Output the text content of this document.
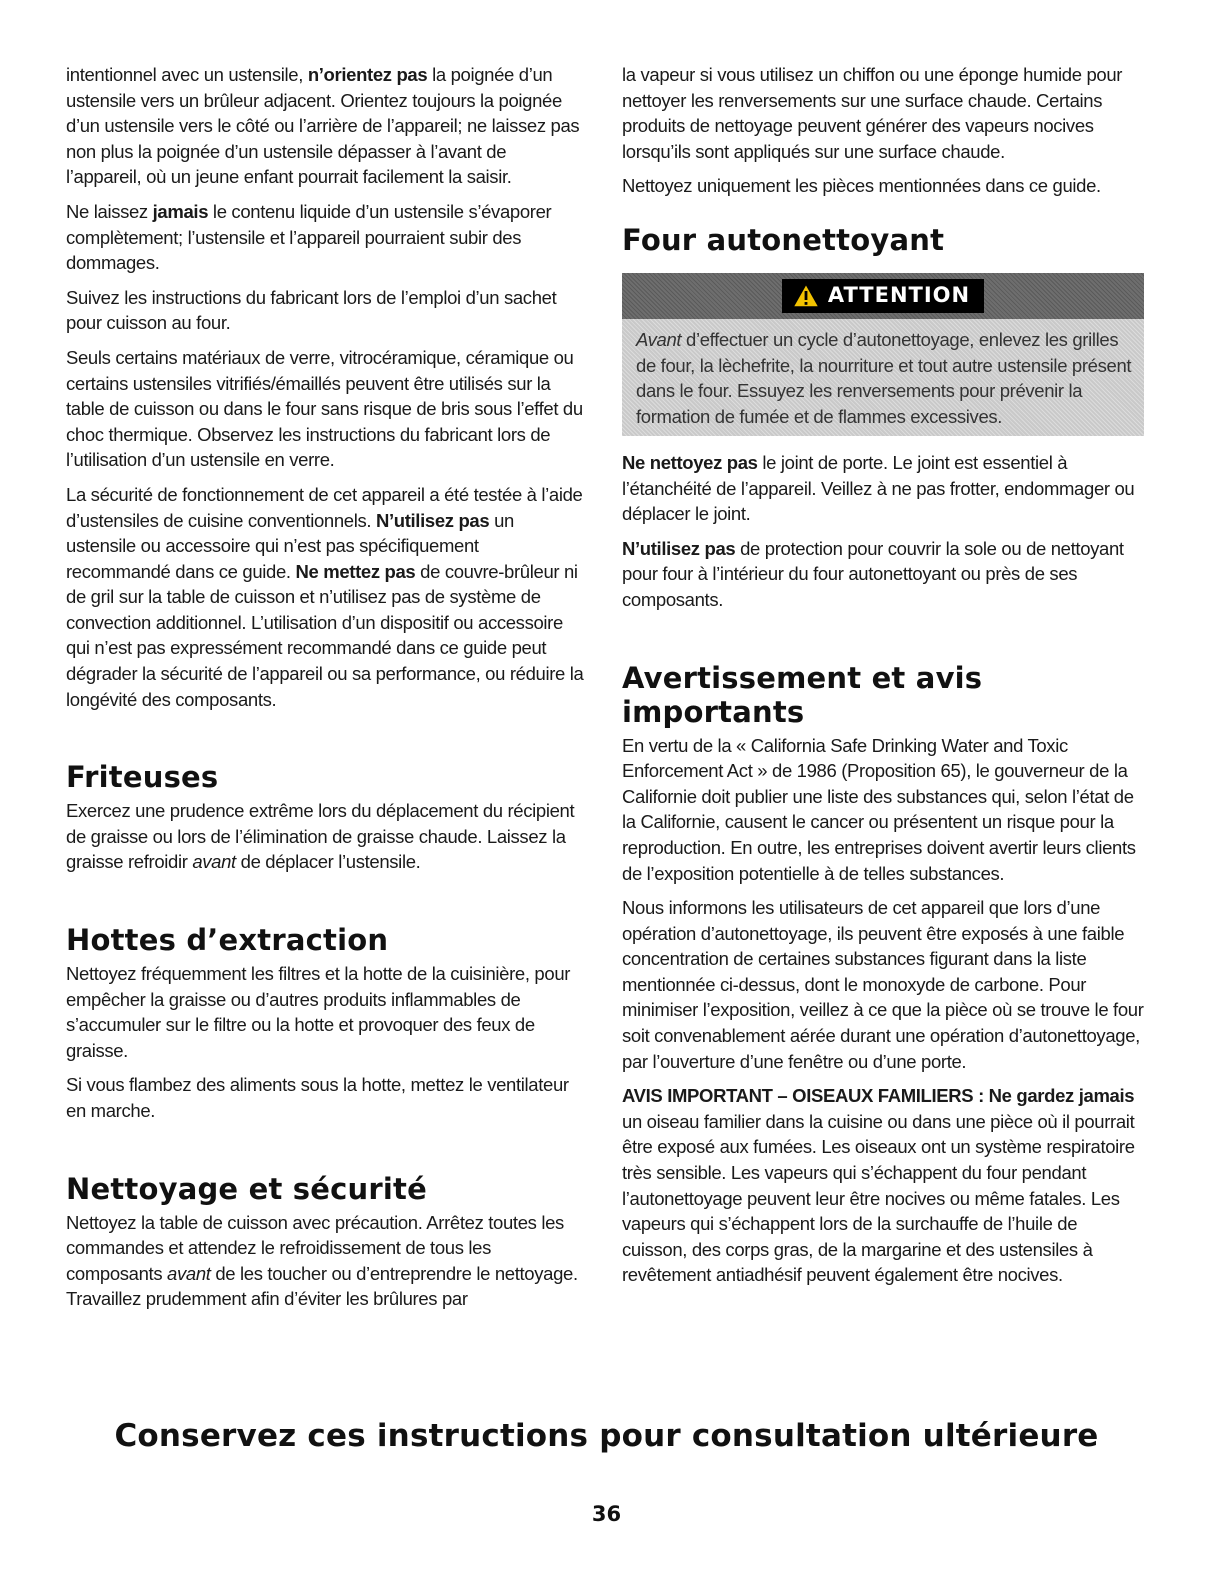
intentionnel avec un ustensile, n’orientez pas la poignée d’un ustensile vers un brûleur adjacent. Orientez toujours la poignée d’un ustensile vers le côté ou l’arrière de l’appareil; ne laissez pas non plus la poignée d’un ustensile dépasser à l’avant de l’appareil, où un jeune enfant pourrait facilement la saisir.

Ne laissez jamais le contenu liquide d’un ustensile s’évaporer complètement; l’ustensile et l’appareil pourraient subir des dommages.

Suivez les instructions du fabricant lors de l’emploi d’un sachet pour cuisson au four.

Seuls certains matériaux de verre, vitrocéramique, céramique ou certains ustensiles vitrifiés/émaillés peuvent être utilisés sur la table de cuisson ou dans le four sans risque de bris sous l’effet du choc thermique. Observez les instructions du fabricant lors de l’utilisation d’un ustensile en verre.

La sécurité de fonctionnement de cet appareil a été testée à l’aide d’ustensiles de cuisine conventionnels. N’utilisez pas un ustensile ou accessoire qui n’est pas spécifiquement recommandé dans ce guide. Ne mettez pas de couvre-brûleur ni de gril sur la table de cuisson et n’utilisez pas de système de convection additionnel. L’utilisation d’un dispositif ou accessoire qui n’est pas expressément recommandé dans ce guide peut dégrader la sécurité de l’appareil ou sa performance, ou réduire la longévité des composants.

Friteuses

Exercez une prudence extrême lors du déplacement du récipient de graisse ou lors de l’élimination de graisse chaude. Laissez la graisse refroidir avant de déplacer l’ustensile.

Hottes d’extraction

Nettoyez fréquemment les filtres et la hotte de la cuisinière, pour empêcher la graisse ou d’autres produits inflammables de s’accumuler sur le filtre ou la hotte et provoquer des feux de graisse.

Si vous flambez des aliments sous la hotte, mettez le ventilateur en marche.

Nettoyage et sécurité

Nettoyez la table de cuisson avec précaution. Arrêtez toutes les commandes et attendez le refroidissement de tous les composants avant de les toucher ou d’entreprendre le nettoyage. Travaillez prudemment afin d’éviter les brûlures par

la vapeur si vous utilisez un chiffon ou une éponge humide pour nettoyer les renversements sur une surface chaude. Certains produits de nettoyage peuvent générer des vapeurs nocives lorsqu’ils sont appliqués sur une surface chaude.

Nettoyez uniquement les pièces mentionnées dans ce guide.

Four autonettoyant
ATTENTION
Avant d’effectuer un cycle d’autonettoyage, enlevez les grilles de four, la lèchefrite, la nourriture et tout autre ustensile présent dans le four. Essuyez les renversements pour prévenir la formation de fumée et de flammes excessives.

Ne nettoyez pas le joint de porte. Le joint est essentiel à l’étanchéité de l’appareil. Veillez à ne pas frotter, endommager ou déplacer le joint.

N’utilisez pas de protection pour couvrir la sole ou de nettoyant pour four à l’intérieur du four autonettoyant ou près de ses composants.

Avertissement et avis importants

En vertu de la « California Safe Drinking Water and Toxic Enforcement Act » de 1986 (Proposition 65), le gouverneur de la Californie doit publier une liste des substances qui, selon l’état de la Californie, causent le cancer ou présentent un risque pour la reproduction. En outre, les entreprises doivent avertir leurs clients de l’exposition potentielle à de telles substances.

Nous informons les utilisateurs de cet appareil que lors d’une opération d’autonettoyage, ils peuvent être exposés à une faible concentration de certaines substances figurant dans la liste mentionnée ci-dessus, dont le monoxyde de carbone. Pour minimiser l’exposition, veillez à ce que la pièce où se trouve le four soit convenablement aérée durant une opération d’autonettoyage, par l’ouverture d’une fenêtre ou d’une porte.

AVIS IMPORTANT – OISEAUX FAMILIERS : Ne gardez jamais un oiseau familier dans la cuisine ou dans une pièce où il pourrait être exposé aux fumées. Les oiseaux ont un système respiratoire très sensible. Les vapeurs qui s’échappent du four pendant l’autonettoyage peuvent leur être nocives ou même fatales. Les vapeurs qui s’échappent lors de la surchauffe de l’huile de cuisson, des corps gras, de la margarine et des ustensiles à revêtement antiadhésif peuvent également être nocives.

Conservez ces instructions pour consultation ultérieure
36
